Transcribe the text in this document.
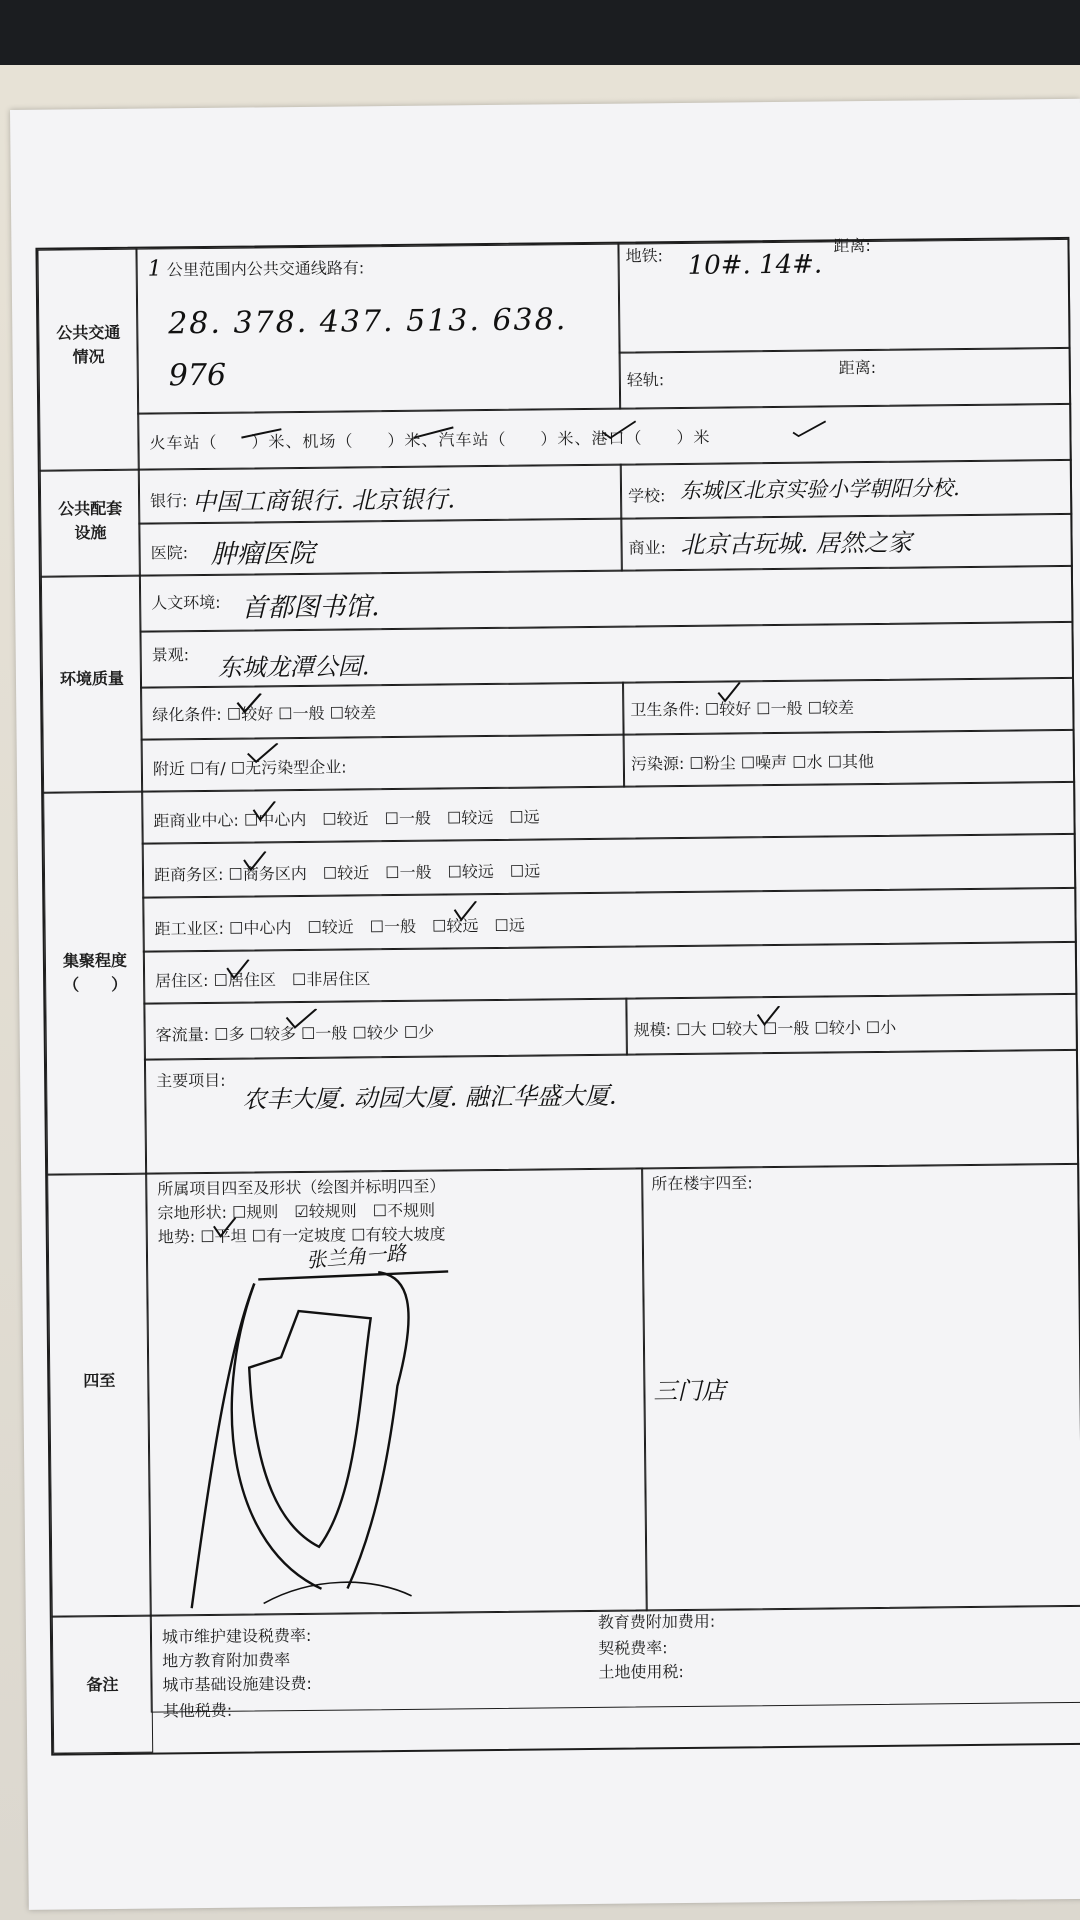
公共交通
情况
1 公里范围内公共交通线路有:
28. 378. 437. 513. 638.
976
地铁: 10#. 14#.
距离:
轻轨:
距离:
火车站（　　）米、机场（　　）米、汽车站（　　）米、港口（　　）米
公共配套
设施
银行: 中国工商银行. 北京银行.	学校: 东城区北京实验小学朝阳分校.
医院: 肿瘤医院	商业: 北京古玩城. 居然之家
环境质量
人文环境: 首都图书馆.
景观: 东城龙潭公园.
绿化条件: ☐较好 ☐一般 ☐较差	卫生条件: ☐较好 ☐一般 ☐较差
附近 ☐有/ ☐无污染型企业:	污染源: ☐粉尘 ☐噪声 ☐水 ☐其他
集聚程度
（　　）
距商业中心: ☐中心内　☐较近　☐一般　☐较远　☐远
距商务区: ☐商务区内　☐较近　☐一般　☐较远　☐远
距工业区: ☐中心内　☐较近　☐一般　☐较远　☐远
居住区: ☐居住区　☐非居住区
客流量: ☐多 ☐较多 ☐一般 ☐较少 ☐少	规模: ☐大 ☐较大 ☐一般 ☐较小 ☐小
主要项目:
农丰大厦. 动园大厦. 融汇华盛大厦.
四至
所属项目四至及形状（绘图并标明四至）
宗地形状: ☐规则　☑较规则　☐不规则
地势: ☐平坦 ☐有一定坡度 ☐有较大坡度
张兰角一路
所在楼宇四至:
三门店
备注
城市维护建设税费率:
地方教育附加费率
城市基础设施建设费:
其他税费:
教育费附加费用:
契税费率:
土地使用税:
